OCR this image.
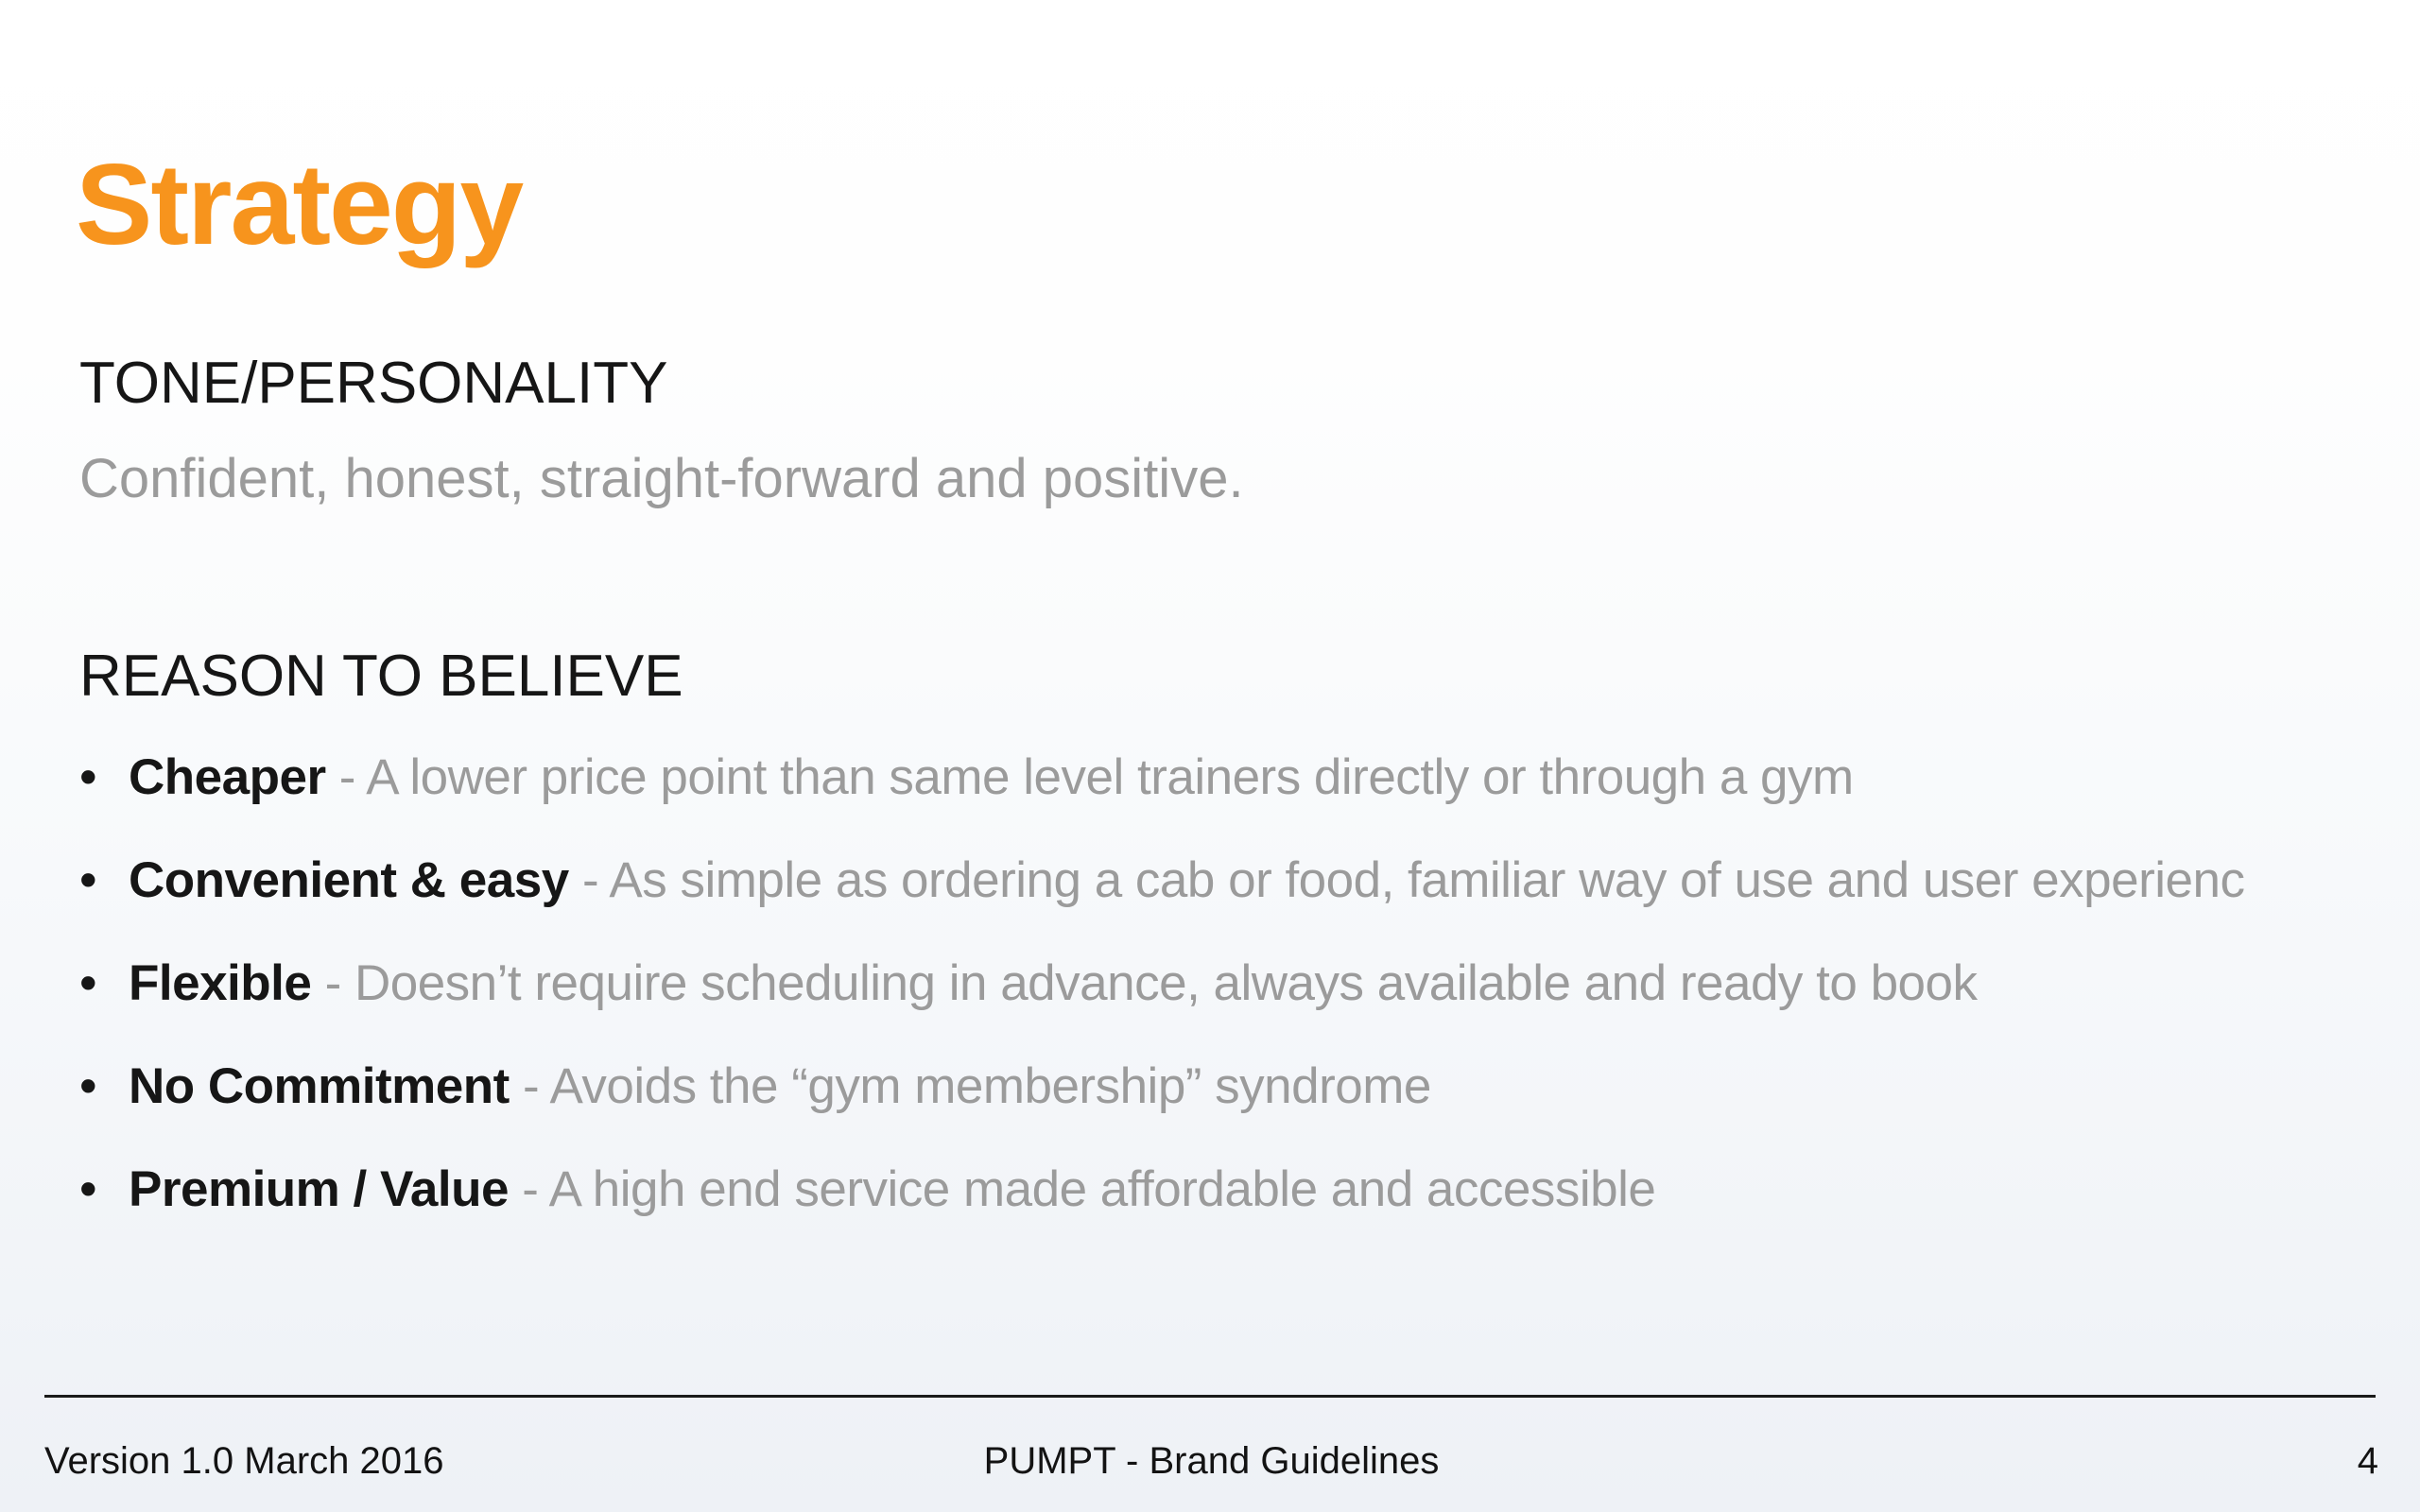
Strategy
TONE/PERSONALITY
Confident, honest, straight-forward and positive.
REASON TO BELIEVE
• Cheaper - A lower price point than same level trainers directly or through a gym
• Convenient & easy - As simple as ordering a cab or food, familiar way of use and user experienc
• Flexible - Doesn’t require scheduling in advance, always available and ready to book
• No Commitment - Avoids the “gym membership” syndrome
• Premium / Value - A high end service made affordable and accessible
Version 1.0 March 2016	PUMPT - Brand Guidelines	4
